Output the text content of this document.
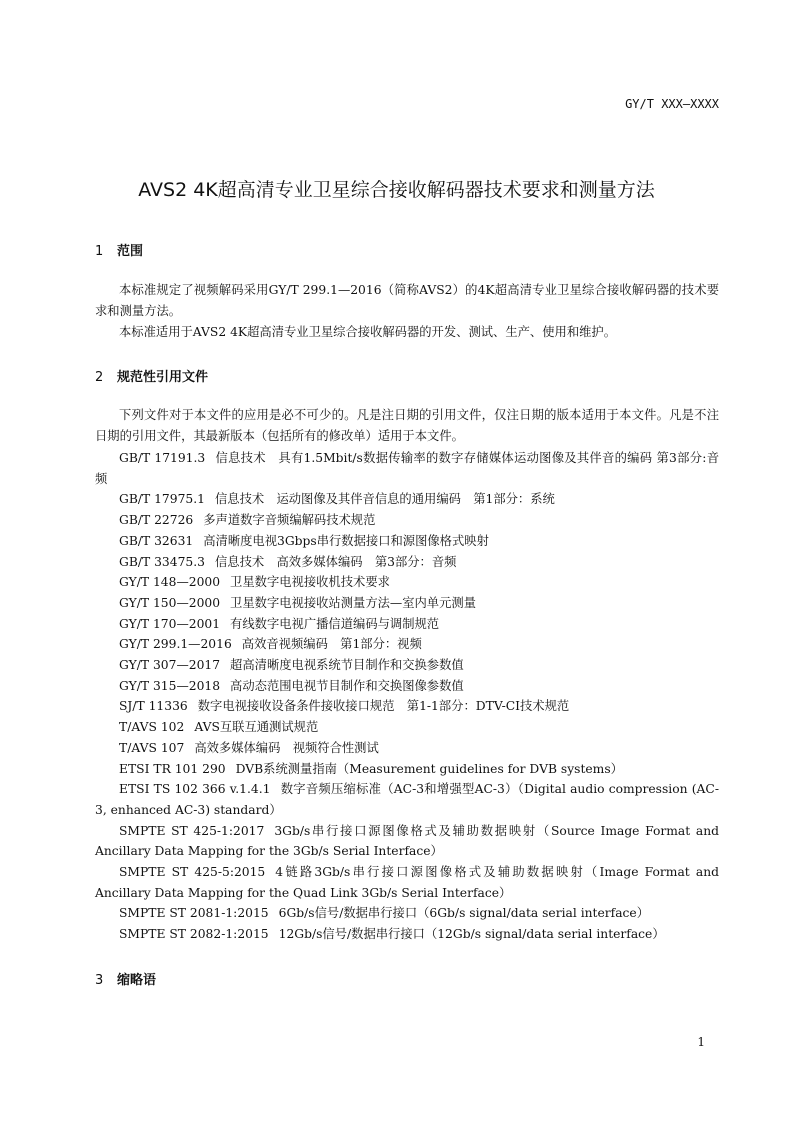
GY/T XXX—XXXX
AVS2 4K超高清专业卫星综合接收解码器技术要求和测量方法
1 范围

本标准规定了视频解码采用GY/T 299.1—2016（简称AVS2）的4K超高清专业卫星综合接收解码器的技术要求和测量方法。

本标准适用于AVS2 4K超高清专业卫星综合接收解码器的开发、测试、生产、使用和维护。

2 规范性引用文件

下列文件对于本文件的应用是必不可少的。凡是注日期的引用文件，仅注日期的版本适用于本文件。凡是不注日期的引用文件，其最新版本（包括所有的修改单）适用于本文件。

GB/T 17191.3 信息技术　具有1.5Mbit/s数据传输率的数字存储媒体运动图像及其伴音的编码 第3部分:音频
GB/T 17975.1 信息技术　运动图像及其伴音信息的通用编码　第1部分：系统
GB/T 22726 多声道数字音频编解码技术规范
GB/T 32631 高清晰度电视3Gbps串行数据接口和源图像格式映射
GB/T 33475.3 信息技术　高效多媒体编码　第3部分：音频
GY/T 148—2000 卫星数字电视接收机技术要求
GY/T 150—2000 卫星数字电视接收站测量方法—室内单元测量
GY/T 170—2001 有线数字电视广播信道编码与调制规范
GY/T 299.1—2016 高效音视频编码　第1部分：视频
GY/T 307—2017 超高清晰度电视系统节目制作和交换参数值
GY/T 315—2018 高动态范围电视节目制作和交换图像参数值
SJ/T 11336 数字电视接收设备条件接收接口规范　第1-1部分：DTV-CI技术规范
T/AVS 102 AVS互联互通测试规范
T/AVS 107 高效多媒体编码　视频符合性测试
ETSI TR 101 290 DVB系统测量指南（Measurement guidelines for DVB systems）
ETSI TS 102 366 v.1.4.1 数字音频压缩标准（AC-3和增强型AC-3）（Digital audio compression (AC-3, enhanced AC-3) standard）
SMPTE ST 425-1:2017 3Gb/s串行接口源图像格式及辅助数据映射（Source Image Format and Ancillary Data Mapping for the 3Gb/s Serial Interface）
SMPTE ST 425-5:2015 4链路3Gb/s串行接口源图像格式及辅助数据映射（Image Format and Ancillary Data Mapping for the Quad Link 3Gb/s Serial Interface）
SMPTE ST 2081-1:2015 6Gb/s信号/数据串行接口（6Gb/s signal/data serial interface）
SMPTE ST 2082-1:2015 12Gb/s信号/数据串行接口（12Gb/s signal/data serial interface）
3 缩略语
1
